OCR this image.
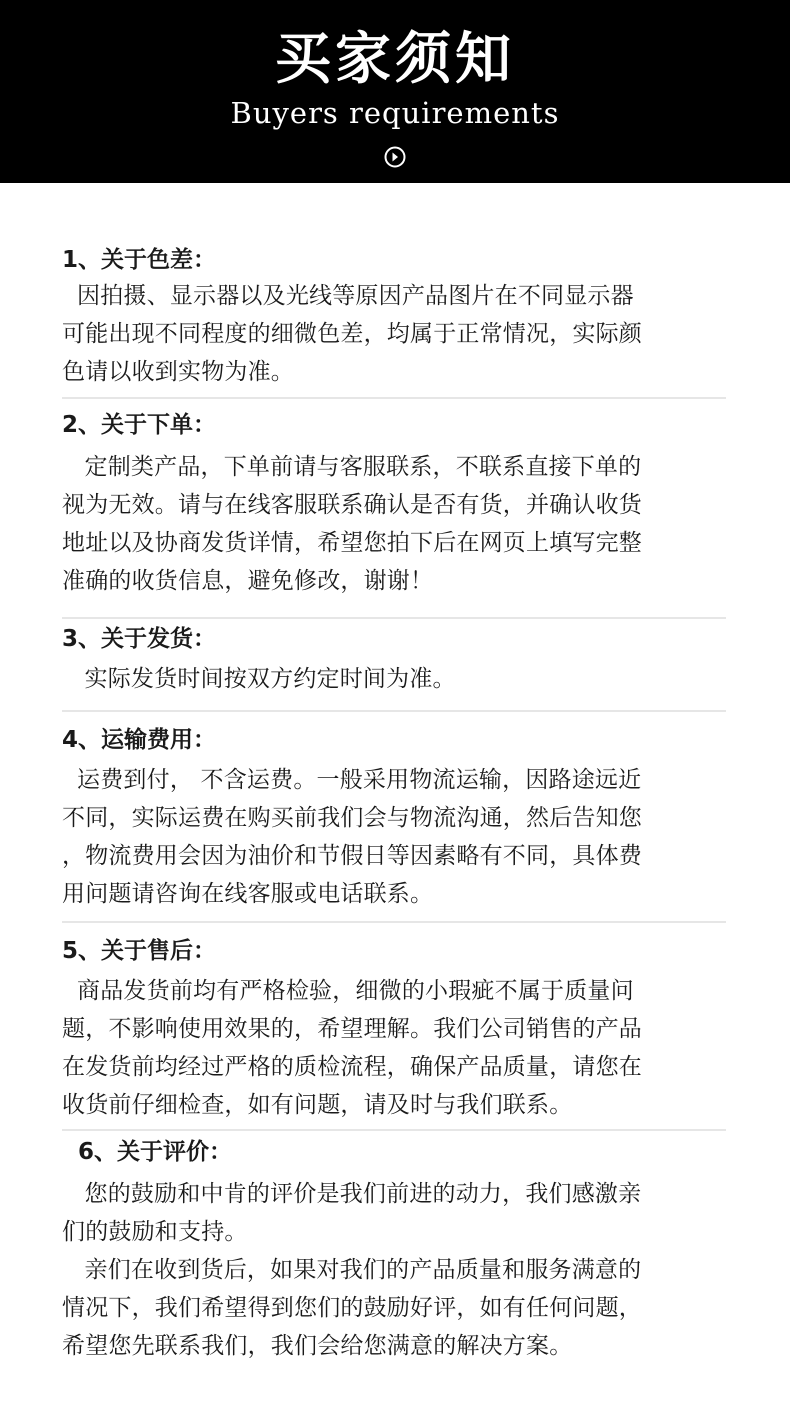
买家须知
Buyers requirements
1、关于色差：
因拍摄、显示器以及光线等原因产品图片在不同显示器
可能出现不同程度的细微色差，均属于正常情况，实际颜
色请以收到实物为准。
2、关于下单：
定制类产品，下单前请与客服联系，不联系直接下单的
视为无效。请与在线客服联系确认是否有货，并确认收货
地址以及协商发货详情，希望您拍下后在网页上填写完整
准确的收货信息，避免修改，谢谢！
3、关于发货：
实际发货时间按双方约定时间为准。
4、运输费用：
运费到付， 不含运费。一般采用物流运输，因路途远近
不同，实际运费在购买前我们会与物流沟通，然后告知您
，物流费用会因为油价和节假日等因素略有不同，具体费
用问题请咨询在线客服或电话联系。
5、关于售后：
商品发货前均有严格检验，细微的小瑕疵不属于质量问
题，不影响使用效果的，希望理解。我们公司销售的产品
在发货前均经过严格的质检流程，确保产品质量，请您在
收货前仔细检查，如有问题，请及时与我们联系。
6、关于评价：
您的鼓励和中肯的评价是我们前进的动力，我们感激亲
们的鼓励和支持。
亲们在收到货后，如果对我们的产品质量和服务满意的
情况下，我们希望得到您们的鼓励好评，如有任何问题，
希望您先联系我们，我们会给您满意的解决方案。
